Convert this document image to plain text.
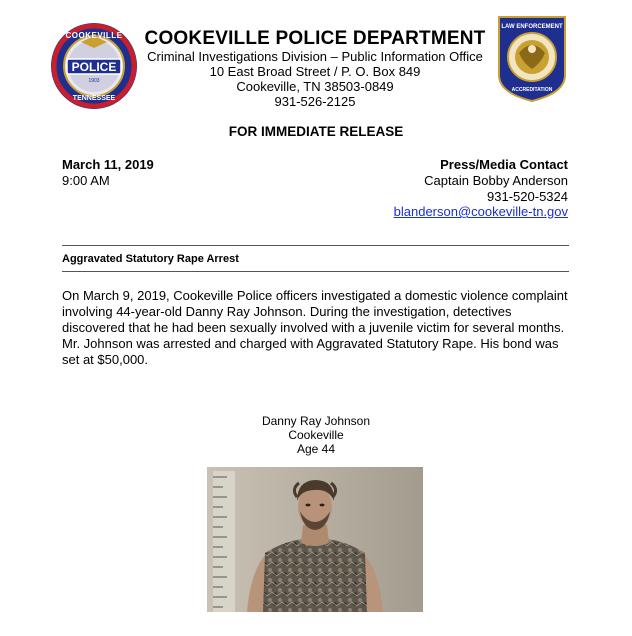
COOKEVILLE
TENNESSEE
1903
POLICE
COOKEVILLE POLICE DEPARTMENT
Criminal Investigations Division – Public Information Office
10 East Broad Street / P. O. Box 849
Cookeville, TN 38503-0849
931-526-2125
LAW ENFORCEMENT
ACCREDITATION
FOR IMMEDIATE RELEASE
March 11, 2019
9:00 AM
Press/Media Contact
Captain Bobby Anderson
931-520-5324
blanderson@cookeville-tn.gov
Aggravated Statutory Rape Arrest
On March 9, 2019, Cookeville Police officers investigated a domestic violence complaint involving 44-year-old Danny Ray Johnson. During the investigation, detectives discovered that he had been sexually involved with a juvenile victim for several months. Mr. Johnson was arrested and charged with Aggravated Statutory Rape. His bond was set at $50,000.
Danny Ray Johnson
Cookeville
Age 44
